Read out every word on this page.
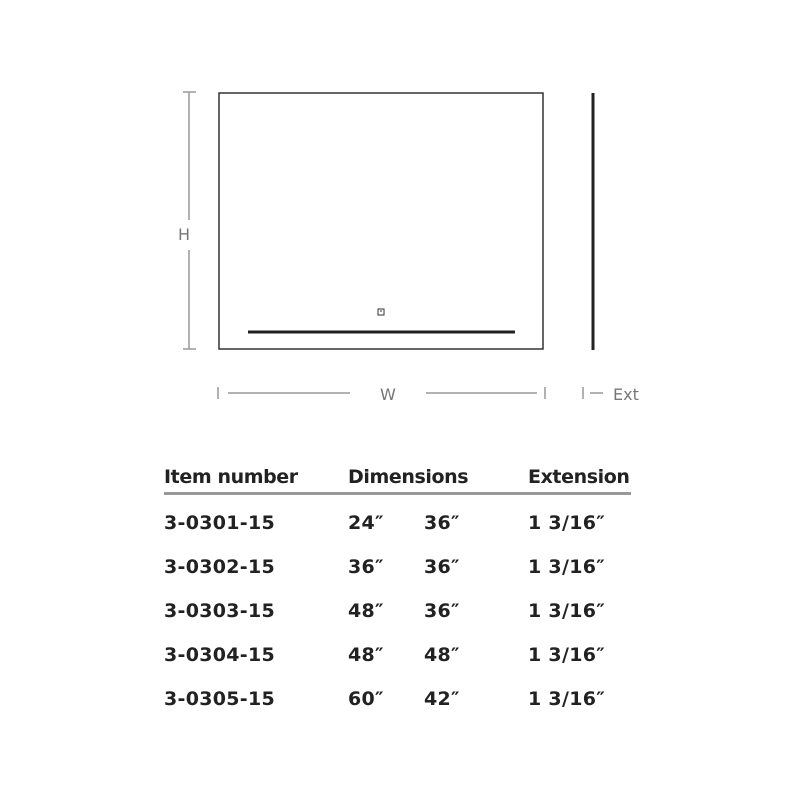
H
W	Ext
Item number	Dimensions	Extension
3-0301-15	24″ 36″	1 3/16″
3-0302-15	36″ 36″	1 3/16″
3-0303-15	48″ 36″	1 3/16″
3-0304-15	48″ 48″	1 3/16″
3-0305-15	60″ 42″	1 3/16″
